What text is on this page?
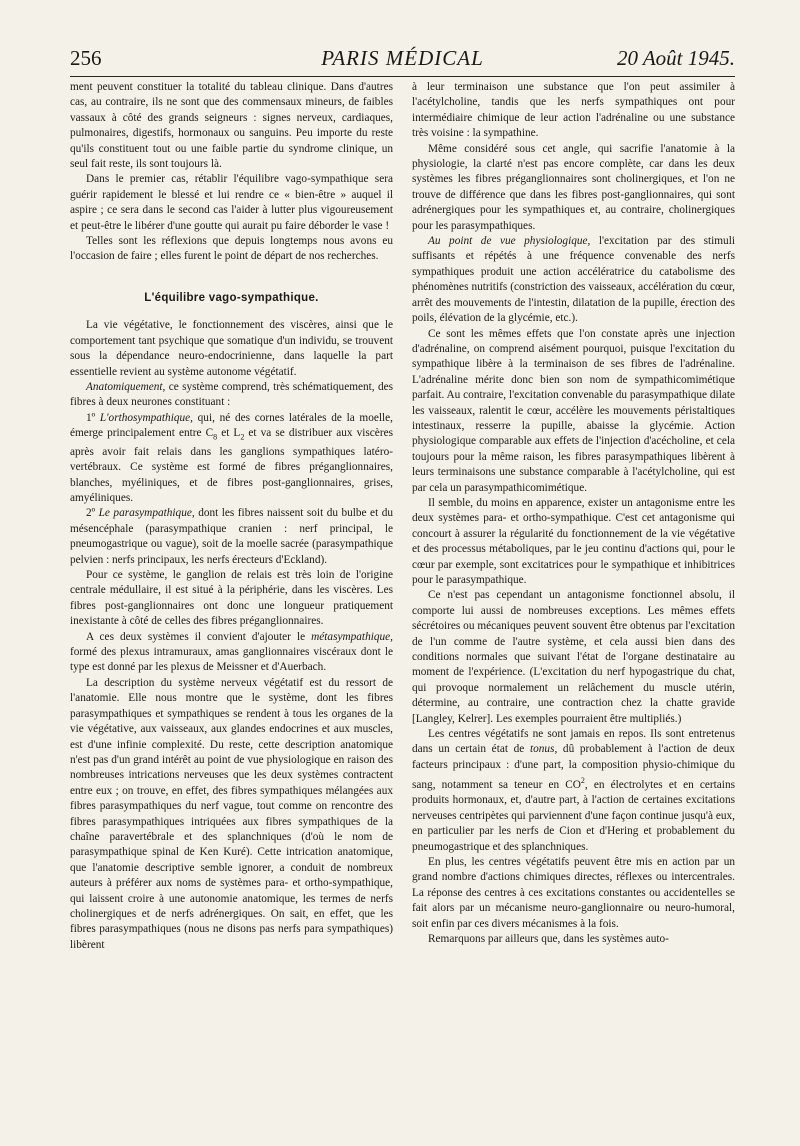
256	PARIS MÉDICAL	20 Août 1945.

ment peuvent constituer la totalité du tableau clinique. Dans d'autres cas, au contraire, ils ne sont que des commensaux mineurs, de faibles vassaux à côté des grands seigneurs : signes nerveux, cardiaques, pulmonaires, digestifs, hormonaux ou sanguins. Peu importe du reste qu'ils constituent tout ou une faible partie du syndrome clinique, un seul fait reste, ils sont toujours là.

Dans le premier cas, rétablir l'équilibre vago-sympathique sera guérir rapidement le blessé et lui rendre ce « bien-être » auquel il aspire ; ce sera dans le second cas l'aider à lutter plus vigoureusement et peut-être le libérer d'une goutte qui aurait pu faire déborder le vase !

Telles sont les réflexions que depuis longtemps nous avons eu l'occasion de faire ; elles furent le point de départ de nos recherches.

L'équilibre vago-sympathique.

La vie végétative, le fonctionnement des viscères, ainsi que le comportement tant psychique que somatique d'un individu, se trouvent sous la dépendance neuro-endocrinienne, dans laquelle la part essentielle revient au système autonome végétatif.

Anatomiquement, ce système comprend, très schématiquement, des fibres à deux neurones constituant :

1º L'orthosympathique, qui, né des cornes latérales de la moelle, émerge principalement entre $C_8$ et $L_2$ et va se distribuer aux viscères après avoir fait relais dans les ganglions sympathiques latéro-vertébraux. Ce système est formé de fibres préganglionnaires, blanches, myéliniques, et de fibres post-ganglionnaires, grises, amyéliniques.

2º Le parasympathique, dont les fibres naissent soit du bulbe et du mésencéphale (parasympathique cranien : nerf principal, le pneumogastrique ou vague), soit de la moelle sacrée (parasympathique pelvien : nerfs principaux, les nerfs érecteurs d'Eckland).

Pour ce système, le ganglion de relais est très loin de l'origine centrale médullaire, il est situé à la périphérie, dans les viscères. Les fibres post-ganglionnaires ont donc une longueur pratiquement inexistante à côté de celles des fibres préganglionnaires.

A ces deux systèmes il convient d'ajouter le métasympathique, formé des plexus intramuraux, amas ganglionnaires viscéraux dont le type est donné par les plexus de Meissner et d'Auerbach.

La description du système nerveux végétatif est du ressort de l'anatomie. Elle nous montre que le système, dont les fibres parasympathiques et sympathiques se rendent à tous les organes de la vie végétative, aux vaisseaux, aux glandes endocrines et aux muscles, est d'une infinie complexité. Du reste, cette description anatomique n'est pas d'un grand intérêt au point de vue physiologique en raison des nombreuses intrications nerveuses que les deux systèmes contractent entre eux ; on trouve, en effet, des fibres sympathiques mélangées aux fibres parasympathiques du nerf vague, tout comme on rencontre des fibres parasympathiques intriquées aux fibres sympathiques de la chaîne paravertébrale et des splanchniques (d'où le nom de parasympathique spinal de Ken Kuré). Cette intrication anatomique, que l'anatomie descriptive semble ignorer, a conduit de nombreux auteurs à préférer aux noms de systèmes para- et ortho-sympathique, qui laissent croire à une autonomie anatomique, les termes de nerfs cholinergiques et de nerfs adrénergiques. On sait, en effet, que les fibres parasympathiques (nous ne disons pas nerfs para sympathiques) libèrent

à leur terminaison une substance que l'on peut assimiler à l'acétylcholine, tandis que les nerfs sympathiques ont pour intermédiaire chimique de leur action l'adrénaline ou une substance très voisine : la sympathine.

Même considéré sous cet angle, qui sacrifie l'anatomie à la physiologie, la clarté n'est pas encore complète, car dans les deux systèmes les fibres préganglionnaires sont cholinergiques, et l'on ne trouve de différence que dans les fibres post-ganglionnaires, qui sont adrénergiques pour les sympathiques et, au contraire, cholinergiques pour les parasympathiques.

Au point de vue physiologique, l'excitation par des stimuli suffisants et répétés à une fréquence convenable des nerfs sympathiques produit une action accélératrice du catabolisme des phénomènes nutritifs (constriction des vaisseaux, accélération du cœur, arrêt des mouvements de l'intestin, dilatation de la pupille, érection des poils, élévation de la glycémie, etc.).

Ce sont les mêmes effets que l'on constate après une injection d'adrénaline, on comprend aisément pourquoi, puisque l'excitation du sympathique libère à la terminaison de ses fibres de l'adrénaline. L'adrénaline mérite donc bien son nom de sympathicomimétique parfait. Au contraire, l'excitation convenable du parasympathique dilate les vaisseaux, ralentit le cœur, accélère les mouvements péristaltiques intestinaux, resserre la pupille, abaisse la glycémie. Action physiologique comparable aux effets de l'injection d'acécholine, et cela toujours pour la même raison, les fibres parasympathiques libèrent à leurs terminaisons une substance comparable à l'acétylcholine, qui est par cela un parasympathicomimétique.

Il semble, du moins en apparence, exister un antagonisme entre les deux systèmes para- et ortho-sympathique. C'est cet antagonisme qui concourt à assurer la régularité du fonctionnement de la vie végétative et des processus métaboliques, par le jeu continu d'actions qui, pour le cœur par exemple, sont excitatrices pour le sympathique et inhibitrices pour le parasympathique.

Ce n'est pas cependant un antagonisme fonctionnel absolu, il comporte lui aussi de nombreuses exceptions. Les mêmes effets sécrétoires ou mécaniques peuvent souvent être obtenus par l'excitation de l'un comme de l'autre système, et cela aussi bien dans des conditions normales que suivant l'état de l'organe destinataire au moment de l'expérience. (L'excitation du nerf hypogastrique du chat, qui provoque normalement un relâchement du muscle utérin, détermine, au contraire, une contraction chez la chatte gravide [Langley, Kelrer]. Les exemples pourraient être multipliés.)

Les centres végétatifs ne sont jamais en repos. Ils sont entretenus dans un certain état de tonus, dû probablement à l'action de deux facteurs principaux : d'une part, la composition physio-chimique du sang, notamment sa teneur en $CO^2$, en électrolytes et en certains produits hormonaux, et, d'autre part, à l'action de certaines excitations nerveuses centripètes qui parviennent d'une façon continue jusqu'à eux, en particulier par les nerfs de Cion et d'Hering et probablement du pneumogastrique et des splanchniques.

En plus, les centres végétatifs peuvent être mis en action par un grand nombre d'actions chimiques directes, réflexes ou intercentrales. La réponse des centres à ces excitations constantes ou accidentelles se fait alors par un mécanisme neuro-ganglionnaire ou neuro-humoral, soit enfin par ces divers mécanismes à la fois.

Remarquons par ailleurs que, dans les systèmes auto-
